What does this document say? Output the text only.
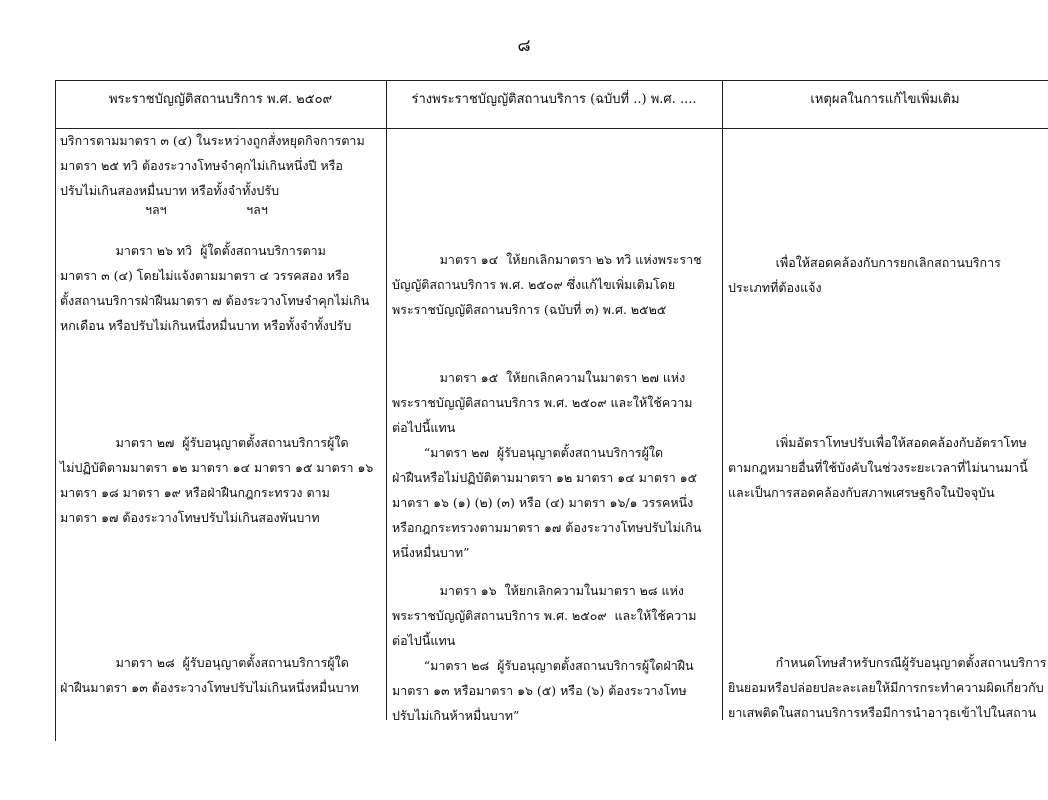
๘
พระราชบัญญัติสถานบริการ พ.ศ. ๒๕๐๙	ร่างพระราชบัญญัติสถานบริการ (ฉบับที่ ..) พ.ศ. ....	เหตุผลในการแก้ไขเพิ่มเติม
บริการตามมาตรา ๓ (๔) ในระหว่างถูกสั่งหยุดกิจการตาม
มาตรา ๒๕ ทวิ ต้องระวางโทษจำคุกไม่เกินหนึ่งปี หรือ
ปรับไม่เกินสองหมื่นบาท หรือทั้งจำทั้งปรับ
ฯลฯ                    ฯลฯ
มาตรา ๒๖ ทวิ  ผู้ใดตั้งสถานบริการตาม
มาตรา ๓ (๔) โดยไม่แจ้งตามมาตรา ๔ วรรคสอง หรือ
ตั้งสถานบริการฝ่าฝืนมาตรา ๗ ต้องระวางโทษจำคุกไม่เกิน
หกเดือน หรือปรับไม่เกินหนึ่งหมื่นบาท หรือทั้งจำทั้งปรับ
มาตรา ๒๗  ผู้รับอนุญาตตั้งสถานบริการผู้ใด
ไม่ปฏิบัติตามมาตรา ๑๒ มาตรา ๑๔ มาตรา ๑๕ มาตรา ๑๖
มาตรา ๑๘ มาตรา ๑๙ หรือฝ่าฝืนกฎกระทรวง ตาม
มาตรา ๑๗ ต้องระวางโทษปรับไม่เกินสองพันบาท
มาตรา ๒๘  ผู้รับอนุญาตตั้งสถานบริการผู้ใด
ฝ่าฝืนมาตรา ๑๓ ต้องระวางโทษปรับไม่เกินหนึ่งหมื่นบาท
มาตรา ๑๔  ให้ยกเลิกมาตรา ๒๖ ทวิ แห่งพระราช
บัญญัติสถานบริการ พ.ศ. ๒๕๐๙ ซึ่งแก้ไขเพิ่มเติมโดย
พระราชบัญญัติสถานบริการ (ฉบับที่ ๓) พ.ศ. ๒๕๒๕
มาตรา ๑๕  ให้ยกเลิกความในมาตรา ๒๗ แห่ง
พระราชบัญญัติสถานบริการ พ.ศ. ๒๕๐๙ และให้ใช้ความ
ต่อไปนี้แทน
“มาตรา ๒๗  ผู้รับอนุญาตตั้งสถานบริการผู้ใด
ฝ่าฝืนหรือไม่ปฏิบัติตามมาตรา ๑๒ มาตรา ๑๔ มาตรา ๑๕
มาตรา ๑๖ (๑) (๒) (๓) หรือ (๔) มาตรา ๑๖/๑ วรรคหนึ่ง
หรือกฎกระทรวงตามมาตรา ๑๗ ต้องระวางโทษปรับไม่เกิน
หนึ่งหมื่นบาท”
มาตรา ๑๖  ให้ยกเลิกความในมาตรา ๒๘ แห่ง
พระราชบัญญัติสถานบริการ พ.ศ. ๒๕๐๙  และให้ใช้ความ
ต่อไปนี้แทน
“มาตรา ๒๘  ผู้รับอนุญาตตั้งสถานบริการผู้ใดฝ่าฝืน
มาตรา ๑๓ หรือมาตรา ๑๖ (๕) หรือ (๖) ต้องระวางโทษ
ปรับไม่เกินห้าหมื่นบาท”
เพื่อให้สอดคล้องกับการยกเลิกสถานบริการ
ประเภทที่ต้องแจ้ง
เพิ่มอัตราโทษปรับเพื่อให้สอดคล้องกับอัตราโทษ
ตามกฎหมายอื่นที่ใช้บังคับในช่วงระยะเวลาที่ไม่นานมานี้
และเป็นการสอดคล้องกับสภาพเศรษฐกิจในปัจจุบัน
กำหนดโทษสำหรับกรณีผู้รับอนุญาตตั้งสถานบริการ
ยินยอมหรือปล่อยปละละเลยให้มีการกระทำความผิดเกี่ยวกับ
ยาเสพติดในสถานบริการหรือมีการนำอาวุธเข้าไปในสถาน
